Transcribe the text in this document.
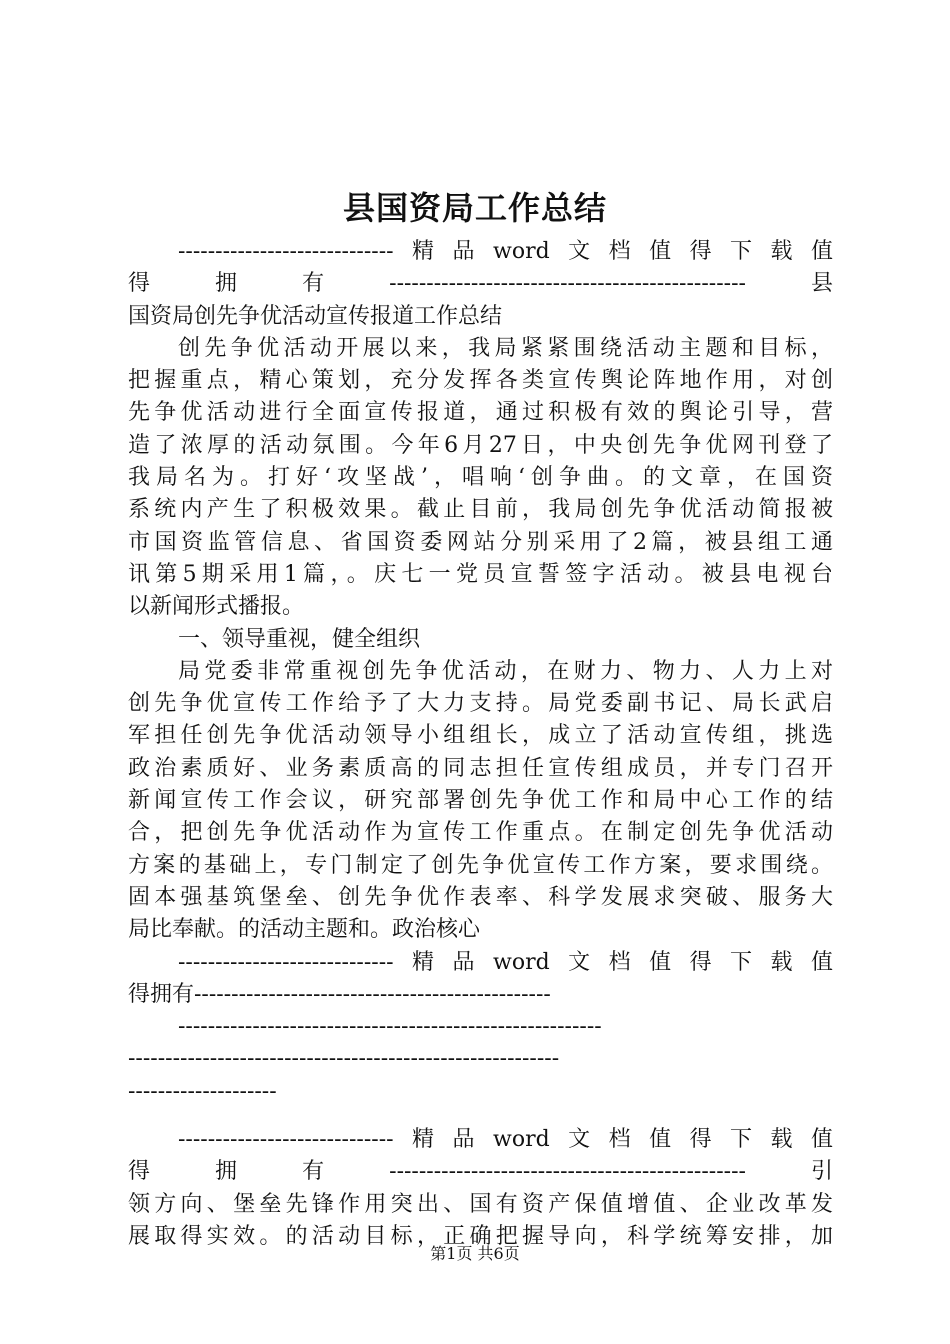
县国资局工作总结
-----------------------------精品word文档值得下载值
得拥有------------------------------------------------县
国资局创先争优活动宣传报道工作总结
创先争优活动开展以来，我局紧紧围绕活动主题和目标，
把握重点，精心策划，充分发挥各类宣传舆论阵地作用，对创
先争优活动进行全面宣传报道，通过积极有效的舆论引导，营
造了浓厚的活动氛围。今年6月27日，中央创先争优网刊登了
我局名为。打好‘攻坚战’，唱响‘创争曲。的文章，在国资
系统内产生了积极效果。截止目前，我局创先争优活动简报被
市国资监管信息、省国资委网站分别采用了2篇，被县组工通
讯第5期采用1篇，。庆七一党员宣誓签字活动。被县电视台
以新闻形式播报。
一、领导重视，健全组织
局党委非常重视创先争优活动，在财力、物力、人力上对
创先争优宣传工作给予了大力支持。局党委副书记、局长武启
军担任创先争优活动领导小组组长，成立了活动宣传组，挑选
政治素质好、业务素质高的同志担任宣传组成员，并专门召开
新闻宣传工作会议，研究部署创先争优工作和局中心工作的结
合，把创先争优活动作为宣传工作重点。在制定创先争优活动
方案的基础上，专门制定了创先争优宣传工作方案，要求围绕。
固本强基筑堡垒、创先争优作表率、科学发展求突破、服务大
局比奉献。的活动主题和。政治核心
-----------------------------精品word文档值得下载值
得拥有------------------------------------------------
---------------------------------------------------------
----------------------------------------------------------
--------------------
-----------------------------精品word文档值得下载值
得拥有------------------------------------------------引
领方向、堡垒先锋作用突出、国有资产保值增值、企业改革发
展取得实效。的活动目标，正确把握导向，科学统筹安排，加
第1页 共6页
